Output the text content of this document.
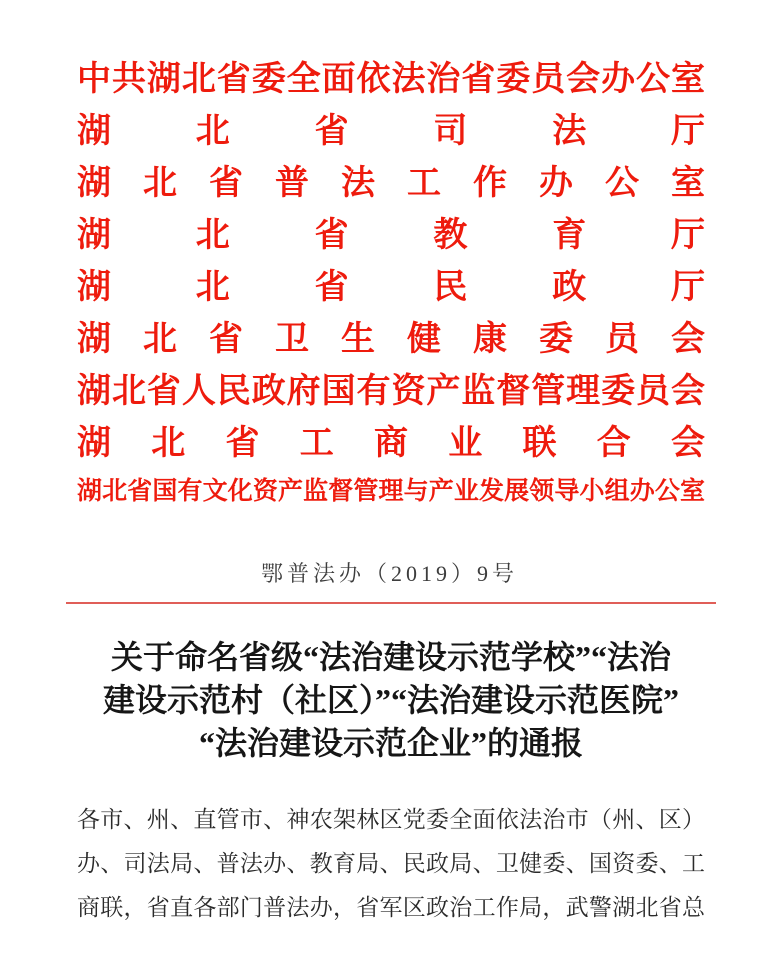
中共湖北省委全面依法治省委员会办公室
湖北省司法厅
湖北省普法工作办公室
湖北省教育厅
湖北省民政厅
湖北省卫生健康委员会
湖北省人民政府国有资产监督管理委员会
湖北省工商业联合会
湖北省国有文化资产监督管理与产业发展领导小组办公室
鄂普法办（2019）9号
关于命名省级“法治建设示范学校”“法治
建设示范村（社区）”“法治建设示范医院”
“法治建设示范企业”的通报
各市、州、直管市、神农架林区党委全面依法治市（州、区）
办、司法局、普法办、教育局、民政局、卫健委、国资委、工
商联，省直各部门普法办，省军区政治工作局，武警湖北省总
